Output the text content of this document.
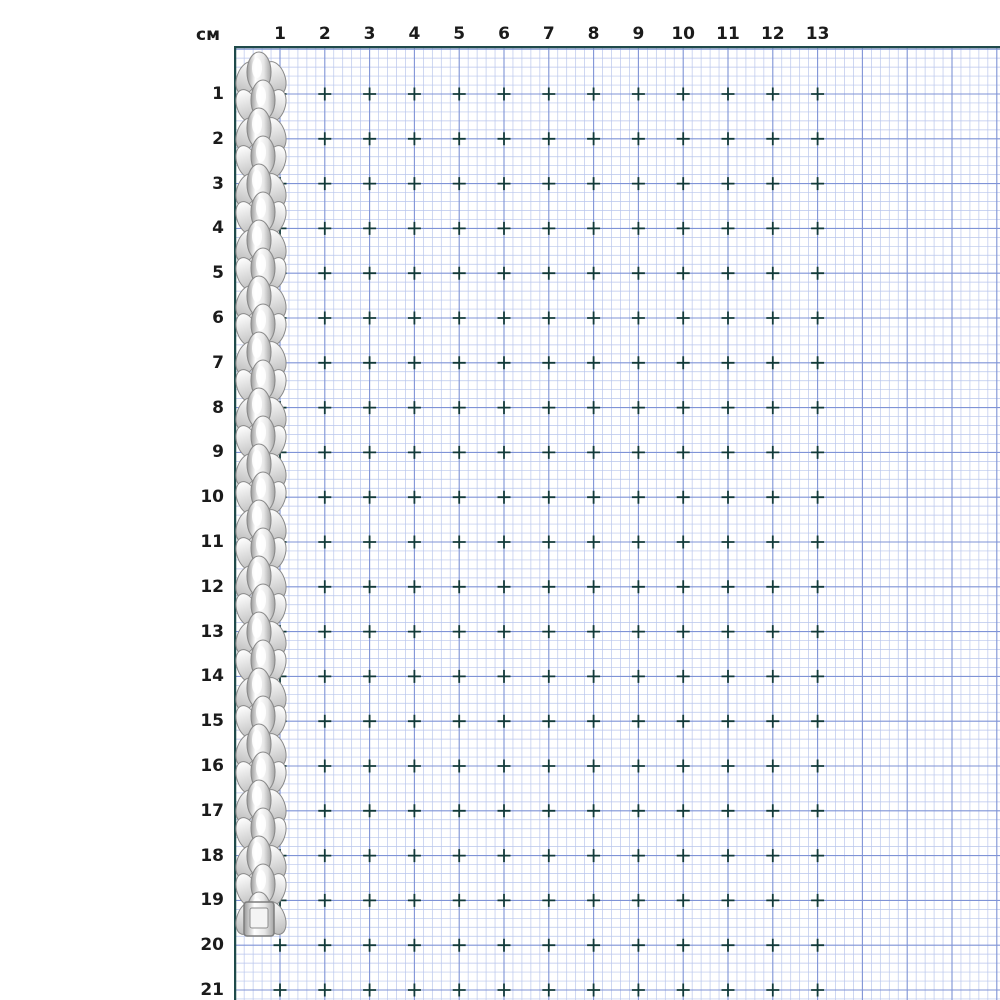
см	1 2 3 4 5 6 7 8 9 10 11 12 13
1
2
3
4
5
6
7
8
9
10
11
12
13
14
15
16
17
18
19
20
21
